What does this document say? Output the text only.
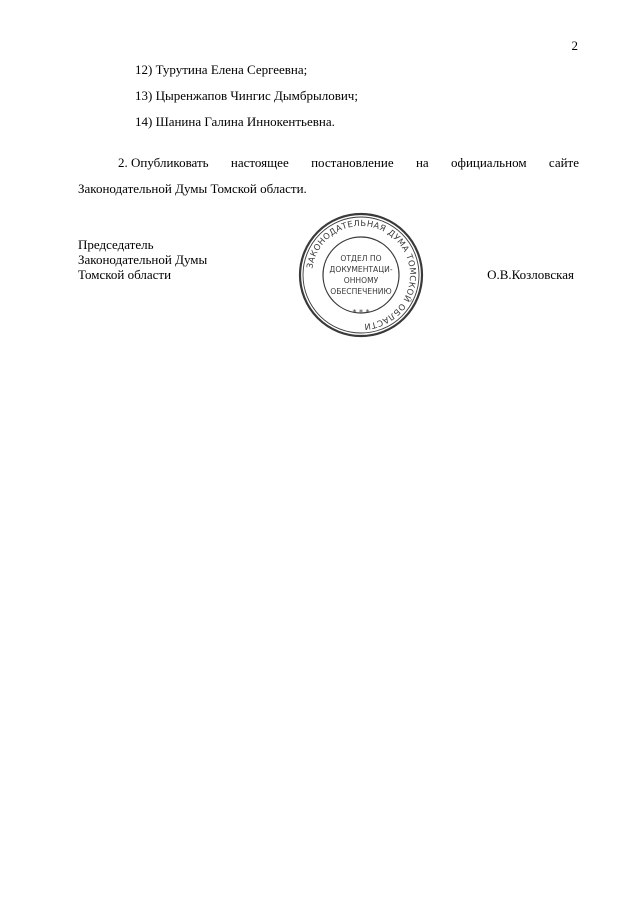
2
12) Турутина Елена Сергеевна;
13) Цыренжапов Чингис Дымбрылович;
14) Шанина Галина Иннокентьевна.
2. Опубликовать настоящее постановление на официальном сайте
Законодательной Думы Томской области.
Председатель
Законодательной Думы
Томской области	О.В.Козловская
ЗАКОНОДАТЕЛЬНАЯ ДУМА ТОМСКОЙ ОБЛАСТИ
* * *
ОТДЕЛ ПО
ДОКУМЕНТАЦИ-
ОННОМУ
ОБЕСПЕЧЕНИЮ
